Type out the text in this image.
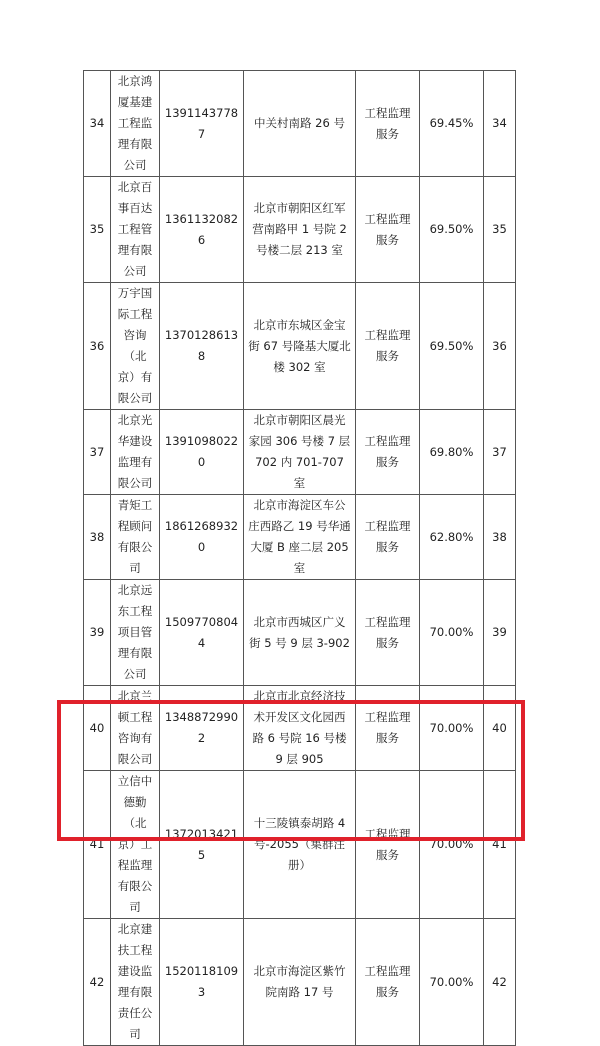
34	北京鸿厦基建工程监理有限公司	13911437787	中关村南路 26 号	工程监理服务	69.45%	34
35	北京百事百达工程管理有限公司	13611320826	北京市朝阳区红军营南路甲 1 号院 2 号楼二层 213 室	工程监理服务	69.50%	35
36	万宇国际工程咨询（北京）有限公司	13701286138	北京市东城区金宝街 67 号隆基大厦北楼 302 室	工程监理服务	69.50%	36
37	北京光华建设监理有限公司	13910980220	北京市朝阳区晨光家园 306 号楼 7 层 702 内 701-707 室	工程监理服务	69.80%	37
38	青矩工程顾问有限公司	18612689320	北京市海淀区车公庄西路乙 19 号华通大厦 B 座二层 205 室	工程监理服务	62.80%	38
39	北京远东工程项目管理有限公司	15097708044	北京市西城区广义街 5 号 9 层 3-902	工程监理服务	70.00%	39
40	北京兰顿工程咨询有限公司	13488729902	北京市北京经济技术开发区文化园西路 6 号院 16 号楼 9 层 905	工程监理服务	70.00%	40
41	立信中德勤（北京）工程监理有限公司	13720134215	十三陵镇泰胡路 4 号-2055（集群注册）	工程监理服务	70.00%	41
42	北京建扶工程建设监理有限责任公司	15201181093	北京市海淀区紫竹院南路 17 号	工程监理服务	70.00%	42
